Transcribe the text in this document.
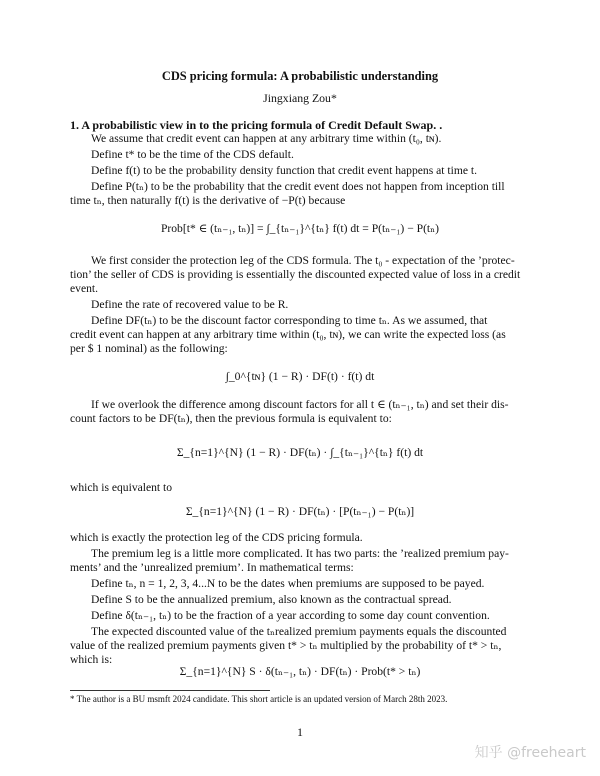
CDS pricing formula: A probabilistic understanding
Jingxiang Zou*
1. A probabilistic view in to the pricing formula of Credit Default Swap. .
We assume that credit event can happen at any arbitrary time within (t₀, tɴ).
Define t* to be the time of the CDS default.
Define f(t) to be the probability density function that credit event happens at time t.
Define P(tₙ) to be the probability that the credit event does not happen from inception till
time tₙ, then naturally f(t) is the derivative of −P(t) because
Prob[t* ∈ (tₙ₋₁, tₙ)] = ∫_{tₙ₋₁}^{tₙ} f(t) dt = P(tₙ₋₁) − P(tₙ)
We first consider the protection leg of the CDS formula. The t₀ - expectation of the ’protec-
tion’ the seller of CDS is providing is essentially the discounted expected value of loss in a credit
event.
Define the rate of recovered value to be R.
Define DF(tₙ) to be the discount factor corresponding to time tₙ. As we assumed, that
credit event can happen at any arbitrary time within (t₀, tɴ), we can write the expected loss (as
per $ 1 nominal) as the following:
∫_0^{tɴ} (1 − R) · DF(t) · f(t) dt
If we overlook the difference among discount factors for all t ∈ (tₙ₋₁, tₙ) and set their dis-
count factors to be DF(tₙ), then the previous formula is equivalent to:
Σ_{n=1}^{N} (1 − R) · DF(tₙ) · ∫_{tₙ₋₁}^{tₙ} f(t) dt
which is equivalent to
Σ_{n=1}^{N} (1 − R) · DF(tₙ) · [P(tₙ₋₁) − P(tₙ)]
which is exactly the protection leg of the CDS pricing formula.
The premium leg is a little more complicated. It has two parts: the ’realized premium pay-
ments’ and the ’unrealized premium’. In mathematical terms:
Define tₙ, n = 1, 2, 3, 4...N to be the dates when premiums are supposed to be payed.
Define S to be the annualized premium, also known as the contractual spread.
Define δ(tₙ₋₁, tₙ) to be the fraction of a year according to some day count convention.
The expected discounted value of the tₙrealized premium payments equals the discounted
value of the realized premium payments given t* > tₙ multiplied by the probability of t* > tₙ,
which is:
Σ_{n=1}^{N} S · δ(tₙ₋₁, tₙ) · DF(tₙ) · Prob(t* > tₙ)
* The author is a BU msmft 2024 candidate. This short article is an updated version of March 28th 2023.
1
知乎 @freeheart
